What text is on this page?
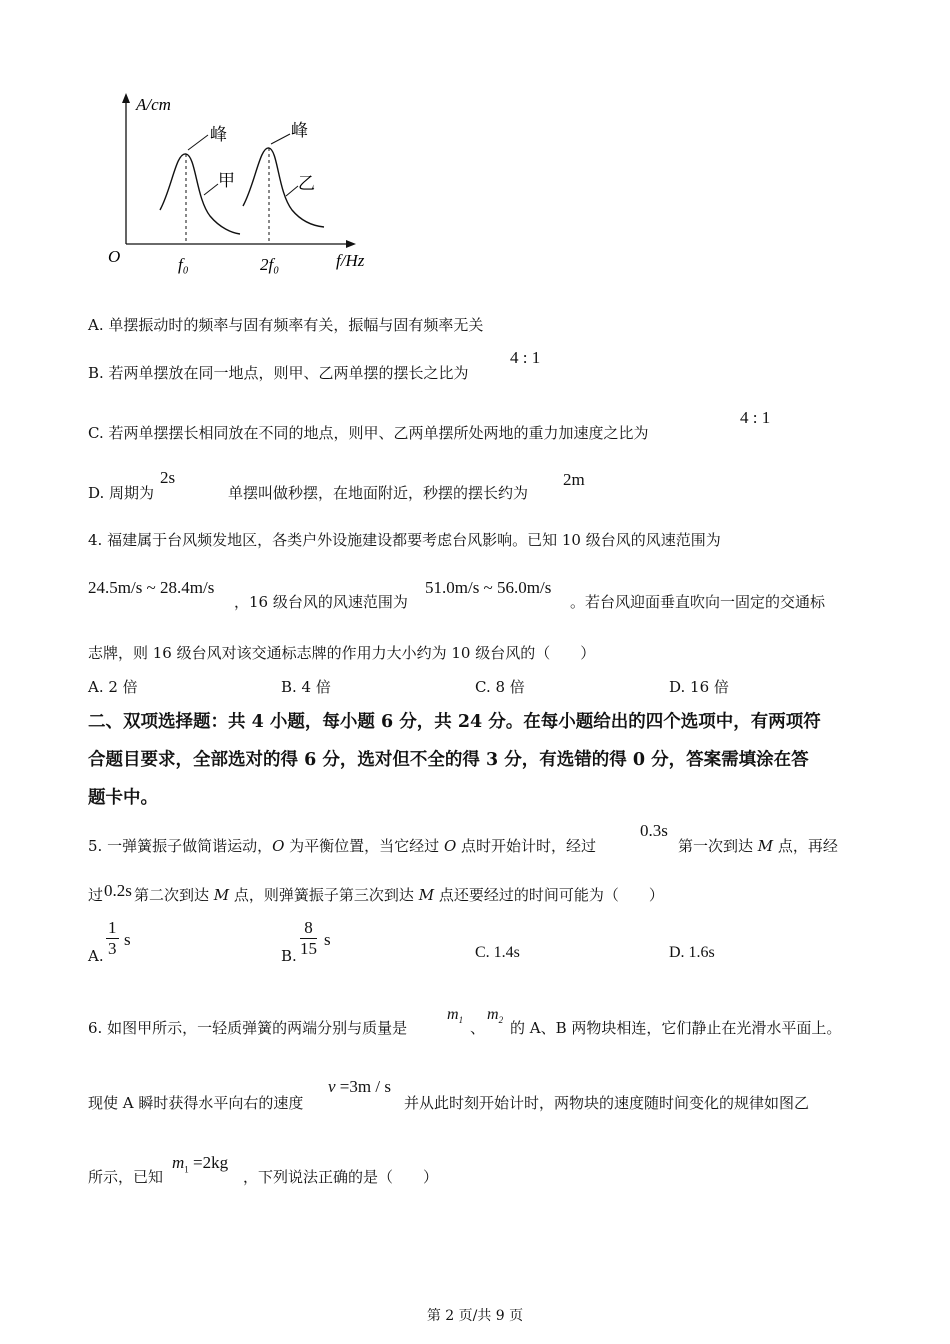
A/cm
O	f₀	2f₀	f/Hz
峰	峰
甲	乙
A. 单摆振动时的频率与固有频率有关，振幅与固有频率无关
B. 若两单摆放在同一地点，则甲、乙两单摆的摆长之比为
4 : 1
C. 若两单摆摆长相同放在不同的地点，则甲、乙两单摆所处两地的重力加速度之比为
4 : 1
D. 周期为
2s
单摆叫做秒摆，在地面附近，秒摆的摆长约为
2m
4. 福建属于台风频发地区，各类户外设施建设都要考虑台风影响。已知 10 级台风的风速范围为
24.5m/s ~ 28.4m/s
，16 级台风的风速范围为
51.0m/s ~ 56.0m/s
。若台风迎面垂直吹向一固定的交通标
志牌，则 16 级台风对该交通标志牌的作用力大小约为 10 级台风的（　　）
A. 2 倍	B. 4 倍	C. 8 倍	D. 16 倍
二、双项选择题：共 4 小题，每小题 6 分，共 24 分。在每小题给出的四个选项中，有两项符
合题目要求，全部选对的得 6 分，选对但不全的得 3 分，有选错的得 0 分，答案需填涂在答
题卡中。
5. 一弹簧振子做简谐运动，O 为平衡位置，当它经过 O 点时开始计时，经过
0.3s
第一次到达 M 点，再经
过 0.2s 第二次到达 M 点，则弹簧振子第三次到达 M 点还要经过的时间可能为（　　）
A. $\frac{1}{3}$ s
B. $\frac{8}{15}$ s
C. 1.4s	D. 1.6s
6. 如图甲所示，一轻质弹簧的两端分别与质量是
$m_1$ 、
$m_2$ 的 A、B 两物块相连，它们静止在光滑水平面上。
现使 A 瞬时获得水平向右的速度
v =3m / s
并从此时刻开始计时，两物块的速度随时间变化的规律如图乙
所示，已知
$m_1 =2kg$
，下列说法正确的是（　　）
第 2 页/共 9 页
